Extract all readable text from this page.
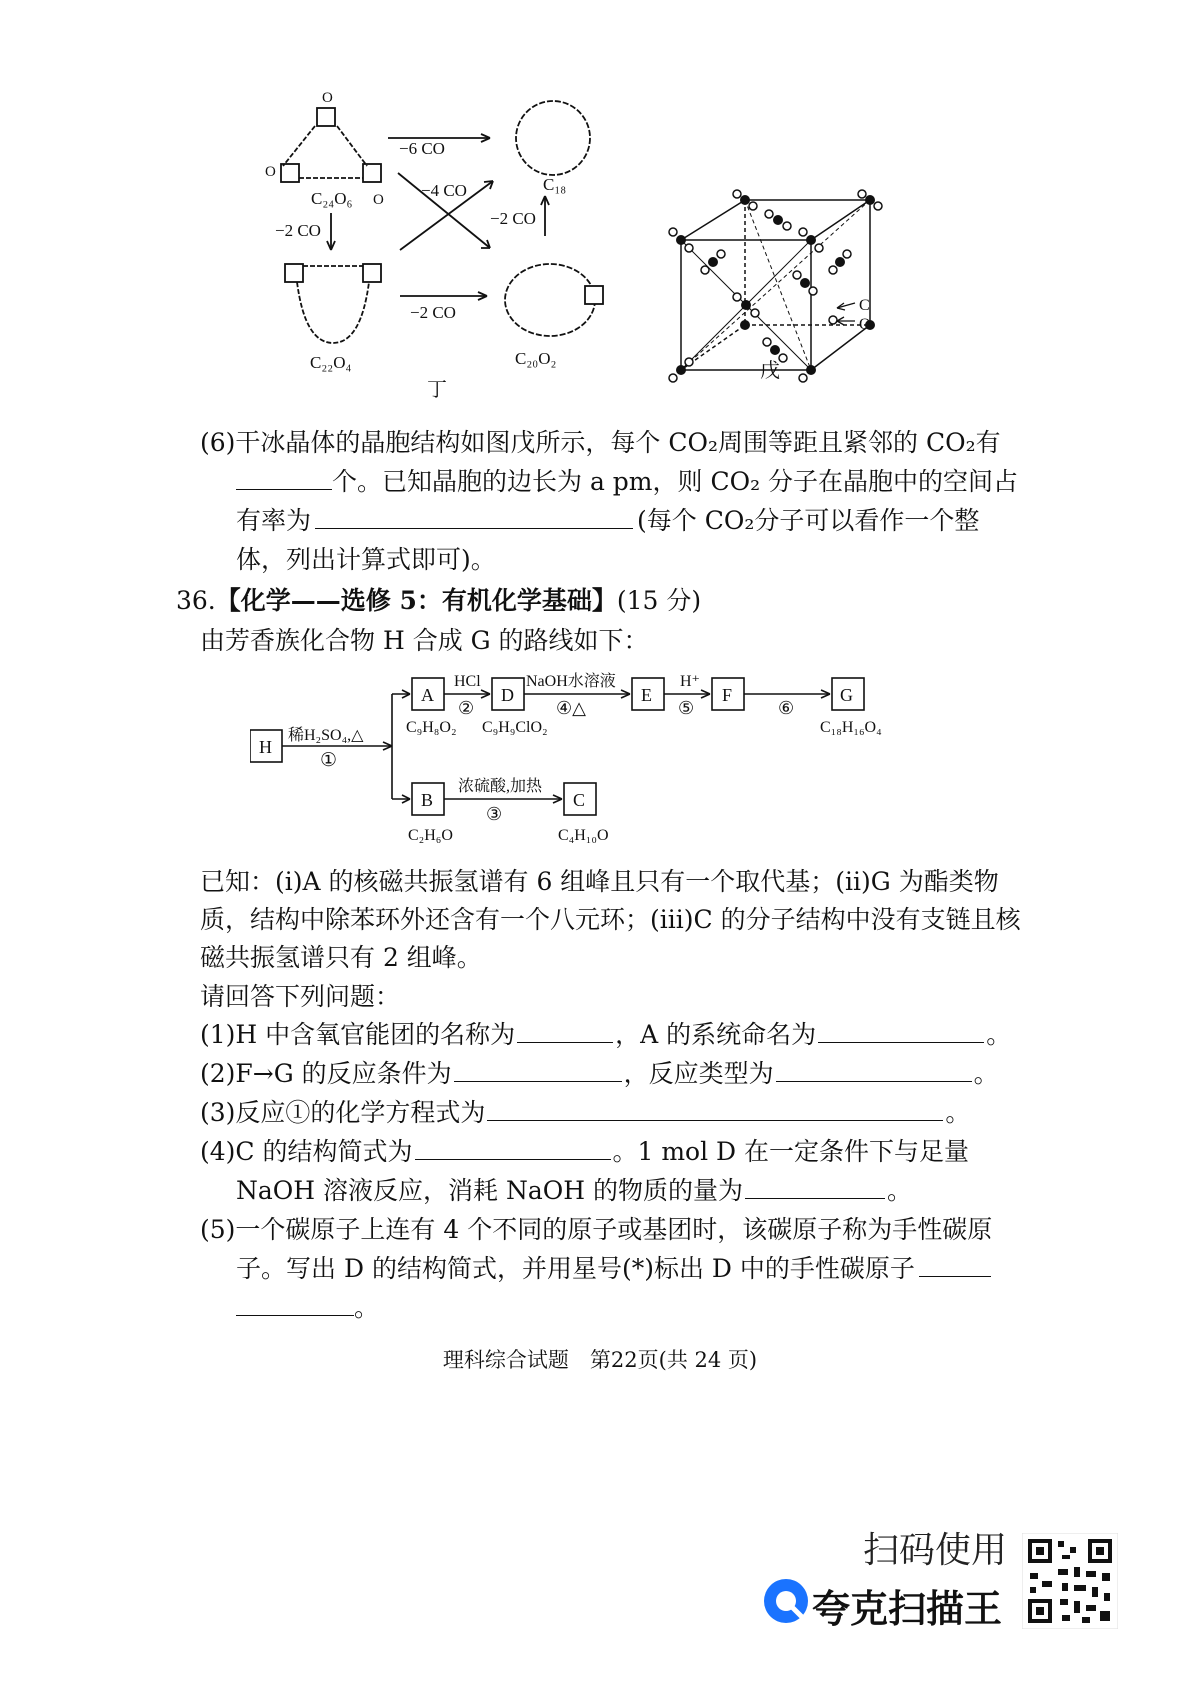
O
O
O
C₂₄O₆
−6 CO
−4 CO
−2 CO
−2 CO
−2 CO
C₁₈
C₂₂O₄	C₂₀O₂
丁
C
O
戊
(6)干冰晶体的晶胞结构如图戊所示，每个 CO₂周围等距且紧邻的 CO₂有
个。已知晶胞的边长为 a pm，则 CO₂ 分子在晶胞中的空间占
有率为	(每个 CO₂分子可以看作一个整
体，列出计算式即可)。
36.【化学——选修 5：有机化学基础】(15 分)
由芳香族化合物 H 合成 G 的路线如下：
H
A	D	E	F	G
B	C
稀H₂SO₄,△
①
HCl
②
NaOH水溶液
④△
H⁺
⑤	⑥
浓硫酸,加热
③
C₉H₈O₂ C₉H₉ClO₂	C₁₈H₁₆O₄
C₂H₆O	C₄H₁₀O
已知：(i)A 的核磁共振氢谱有 6 组峰且只有一个取代基；(ii)G 为酯类物
质，结构中除苯环外还含有一个八元环；(iii)C 的分子结构中没有支链且核
磁共振氢谱只有 2 组峰。
请回答下列问题：
(1)H 中含氧官能团的名称为	，A 的系统命名为	。
(2)F→G 的反应条件为	，反应类型为	。
(3)反应①的化学方程式为	。
(4)C 的结构简式为	。1 mol D 在一定条件下与足量
NaOH 溶液反应，消耗 NaOH 的物质的量为	。
(5)一个碳原子上连有 4 个不同的原子或基团时，该碳原子称为手性碳原
子。写出 D 的结构简式，并用星号(*)标出 D 中的手性碳原子
。
理科综合试题　第22页(共 24 页)
扫码使用
夸克扫描王
